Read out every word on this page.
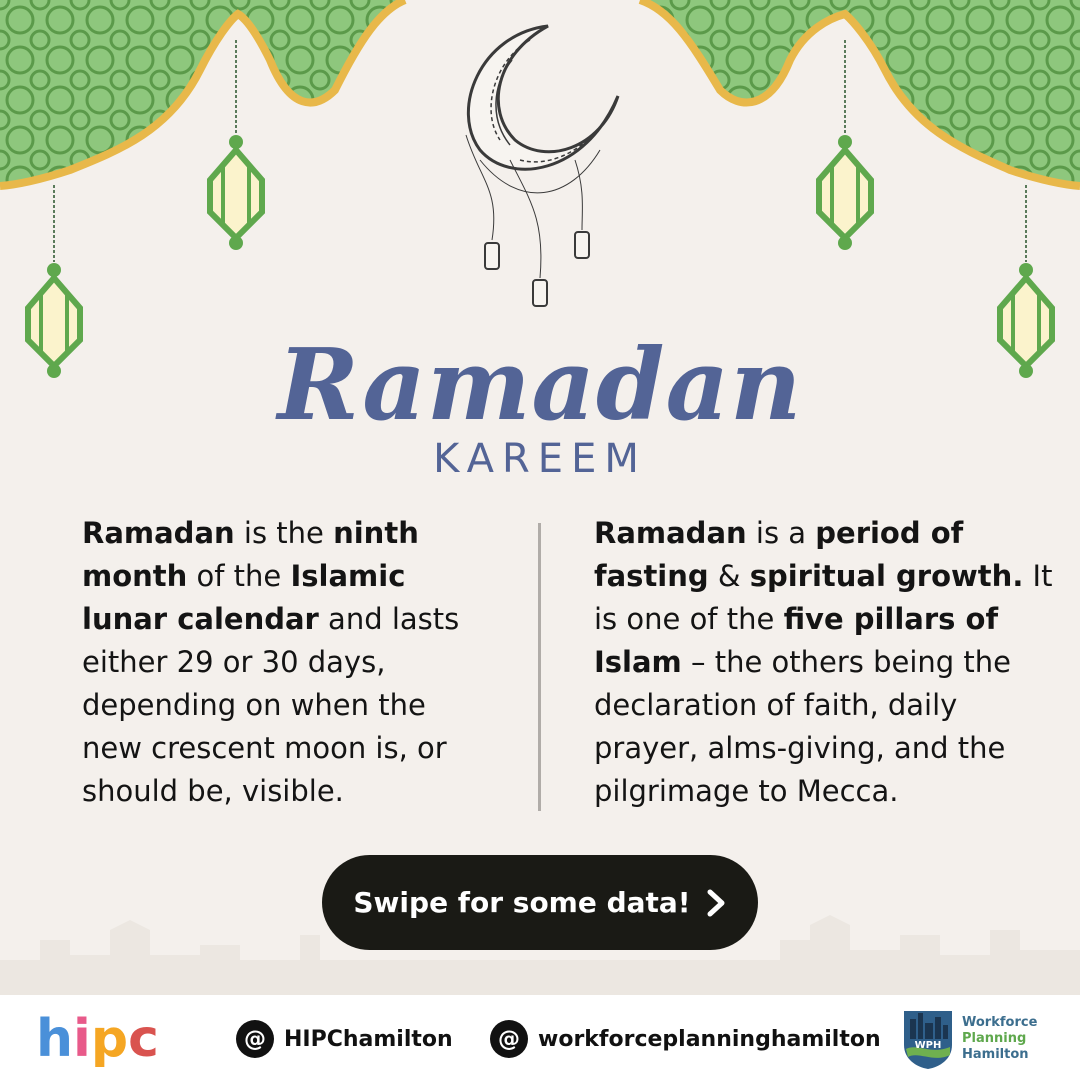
Ramadan
KAREEM
Ramadan is the ninth month of the Islamic lunar calendar and lasts either 29 or 30 days, depending on when the new crescent moon is, or should be, visible.
Ramadan is a period of fasting & spiritual growth. It is one of the five pillars of Islam – the others being the declaration of faith, daily prayer, alms-giving, and the pilgrimage to Mecca.
Swipe for some data!
h i p c	@ HIPChamilton	@ workforceplanninghamilton	WPH
Workforce
Planning
Hamilton
